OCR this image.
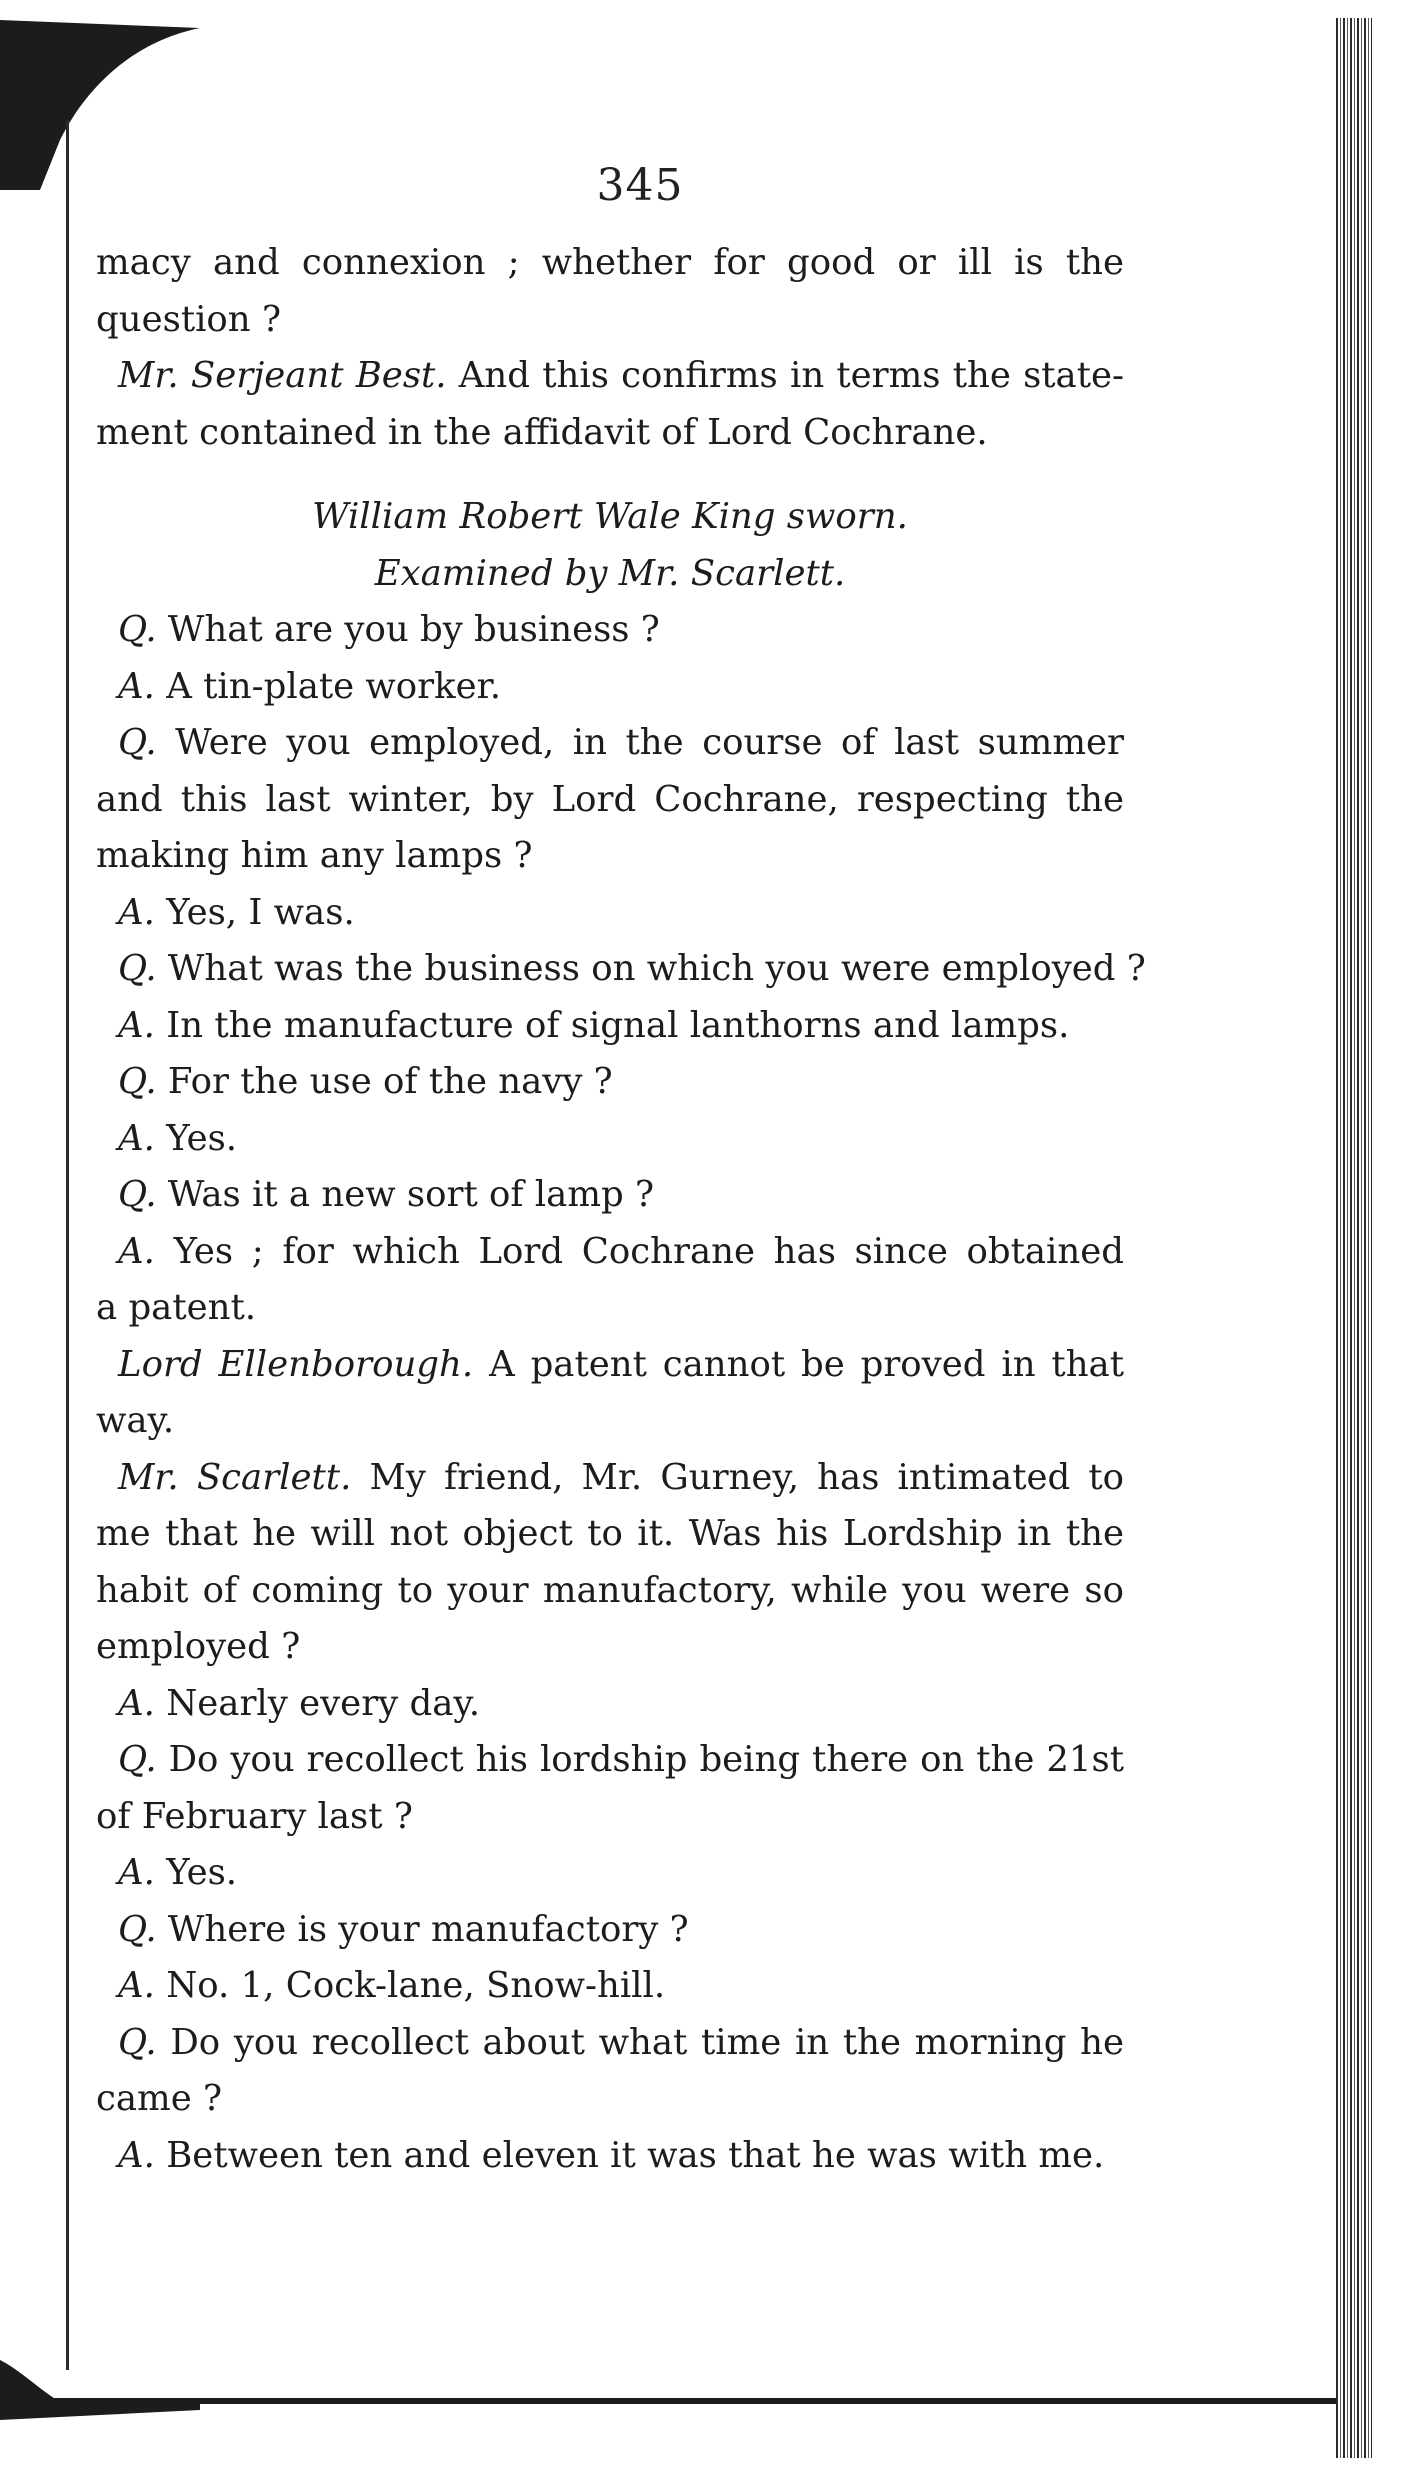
345
macy and connexion ; whether for good or ill is the
question ?
Mr. Serjeant Best. And this confirms in terms the state-
ment contained in the affidavit of Lord Cochrane.
William Robert Wale King sworn.
Examined by Mr. Scarlett.
Q. What are you by business ?
A. A tin-plate worker.
Q. Were you employed, in the course of last summer
and this last winter, by Lord Cochrane, respecting the
making him any lamps ?
A. Yes, I was.
Q. What was the business on which you were employed ?
A. In the manufacture of signal lanthorns and lamps.
Q. For the use of the navy ?
A. Yes.
Q. Was it a new sort of lamp ?
A. Yes ; for which Lord Cochrane has since obtained
a patent.
Lord Ellenborough. A patent cannot be proved in that
way.
Mr. Scarlett. My friend, Mr. Gurney, has intimated to
me that he will not object to it. Was his Lordship in the
habit of coming to your manufactory, while you were so
employed ?
A. Nearly every day.
Q. Do you recollect his lordship being there on the 21st
of February last ?
A. Yes.
Q. Where is your manufactory ?
A. No. 1, Cock-lane, Snow-hill.
Q. Do you recollect about what time in the morning he
came ?
A. Between ten and eleven it was that he was with me.
